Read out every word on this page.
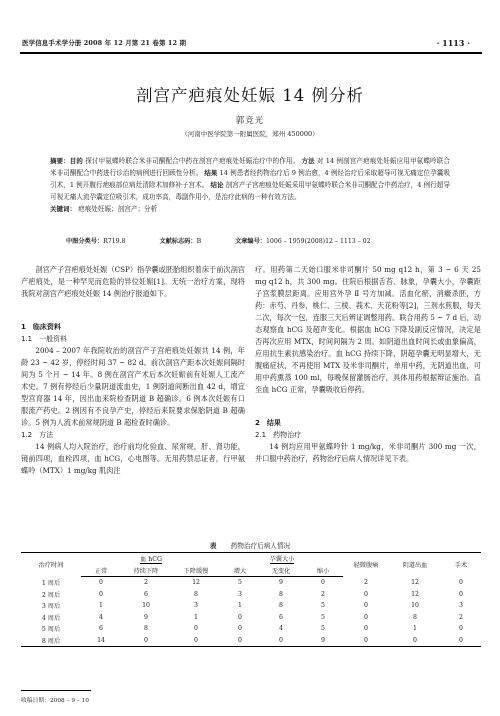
医学信息手术学分册 2008 年 12 月第 21 卷第 12 期	· 1113 ·
剖宫产疤痕处妊娠 14 例分析
郭竞光
（河南中医学院第一附属医院，郑州 450000）
摘要：目的 探讨甲氨蝶呤联合米非司酮配合中药在剖宫产疤痕处妊娠治疗中的作用。 方法 对 14 例剖宫产疤痕处妊娠应用甲氨蝶呤联合米非司酮配合中药进行诊治的病例进行回顾性分析。 结果 14 例患者经药物治疗后 9 例治愈，4 例经治疗后采取超导可视无痛定位孕囊吸引术，1 例开腹行疤痕部位病灶清除术加修补子宫术。 结论 剖宫产子宫疤痕处妊娠采用甲氨蝶呤联合米非司酮配合中药治疗，4 例行超导可视无痛人流孕囊定位吸引术，成功率高，毒副作用小，是治疗此病的一种有效方法。
关键词： 疤痕处妊娠；剖宫产；分析
中图分类号：R719.8	文献标志码：B	文章编号：1006 – 1959(2008)12 – 1113 – 02

剖宫产子宫疤痕处妊娠（CSP）指孕囊或胚胎组织着床于前次剖宫产疤痕处，是一种罕见而危险的异位妊娠[1]。无统一治疗方案，现将我院对剖宫产疤痕处妊娠 14 例治疗报道如下。

1　临床资料

1.1　一般资料

2004 – 2007 年我院收治的剖宫产子宫疤痕处妊娠共 14 例，年龄 23 ~ 42 岁，停经时间 37 ~ 82 d。前次剖宫产距本次妊娠间隔时间为 5 个月 ~ 14 年。8 例在剖宫产术后本次妊娠前有妊娠人工流产术史。7 例有停经后少量阴道流血史，1 例阴道间断出血 42 d，增宜型宫育器 14 年，因出血来院检查阴道 B 超确诊。6 例本次妊娠有口服流产药史。2 例因有不良孕产史，停经后来院要求保胎阴道 B 超确诊。5 例为人流术前常规阴道 B 超检查时确诊。

1.2　方法

14 例病人均入院治疗，治疗前均化验血、尿常规，肝、肾功能，镜前四项，血栓四项，血 hCG，心电图等。无用药禁忌证者，行甲氨蝶呤（MTX）1 mg/kg 肌肉注

疗。用药第二天始口服米非司酮片 50 mg q12 h，第 3 ~ 6 天 25 mg q12 h，共 300 mg。住院后根据舌苔、脉象，孕囊大小，孕囊距子宫浆膜层距离。应用宫外孕 Ⅱ 号方加减。活血化瘀，消癥杀胚，方药：赤芍、丹参，桃仁、三棱、莪术、天花粉等[2]，三剂水煎服，每天二次，每次一包，连服三天后辨证调整用药。联合用药 5 ~ 7 d 后，动态观察血 hCG 及超声变化。根据血 hCG 下降及副反应情况，决定是否再次应用 MTX，时间间隔为 2 周。如阴道出血时间长或血象偏高，应用抗生素抗感染治疗。血 hCG 持续下降，阴超孕囊无明显增大，无腹痛症状，不再使用 MTX 及米非司酮片，单用中药，无阴道出血，可用中药熏蒸 100 ml，每晚保留灌肠治疗，具体用药根据辩证施治。直至血 hCG 正常，孕囊吸收后停药。

2　结果

2.1　药物治疗

14 例均应用甲氨蝶呤针 1 mg/kg，米非司酮片 300 mg 一次，并口服中药治疗，药物治疗后病人情况详见下表。

表 药物治疗后病人情况
治疗时间	血 hCG			孕囊大小			轻微腹痛	阴道出血	手术
	正常	持续下降	下降缓慢	增大	无变化	缩小			
1 周后	0	2	12	5	9	0	2	12	0
2 周后	0	6	8	3	8	2	0	12	0
3 周后	1	10	3	1	8	5	0	10	3
4 周后	4	9	1	0	6	5	0	8	2
5 周后	6	8	0	0	4	5	0	1	0
8 周后	14	0	0	0	0	9	0	0	0
收稿日期：2008 – 9 – 10
